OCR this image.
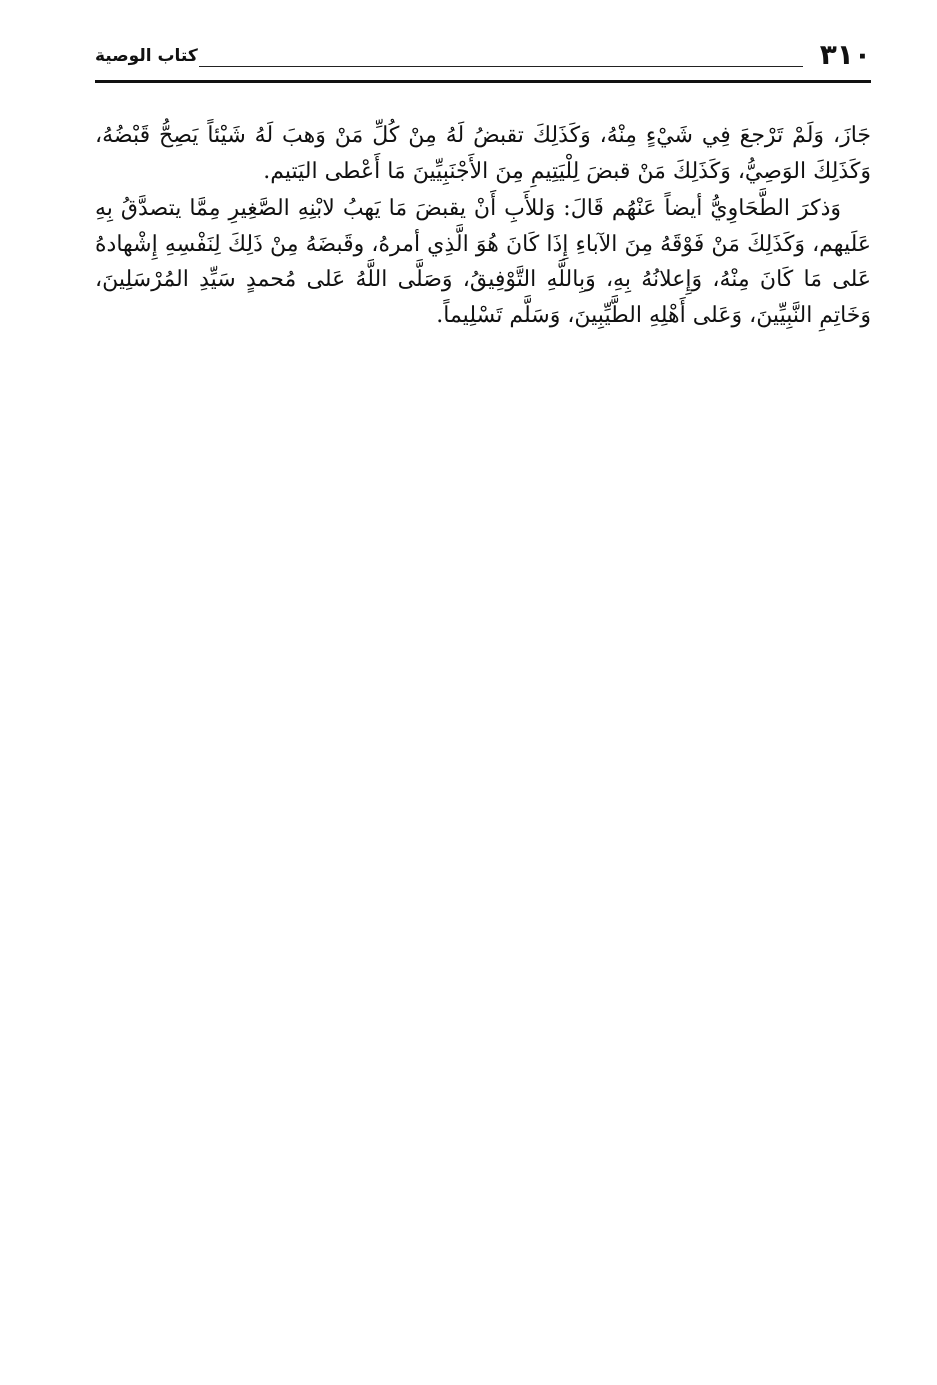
٣١٠
كتاب الوصية

جَازَ، وَلَمْ تَرْجعَ فِي شَيْءٍ مِنْهُ، وَكَذَلِكَ تقبضُ لَهُ مِنْ كُلِّ مَنْ وَهبَ لَهُ شَيْئاً يَصِحُّ قَبْضُهُ، وَكَذَلِكَ الوَصِيُّ، وَكَذَلِكَ مَنْ قبضَ لِلْيَتِيمِ مِنَ الأَجْنَبِيِّينَ مَا أَعْطى اليَتيم.

وَذكرَ الطَّحَاوِيُّ أيضاً عَنْهُم قَالَ: وَللأَبِ أَنْ يقبضَ مَا يَهبُ لابْنِهِ الصَّغِيرِ مِمَّا يتصدَّقُ بِهِ عَلَيهم، وَكَذَلِكَ مَنْ فَوْقَهُ مِنَ الآباءِ إِذَا كَانَ هُوَ الَّذِي أمرهُ، وقَبضَهُ مِنْ ذَلِكَ لِنَفْسِهِ إِشْهادهُ عَلى مَا كَانَ مِنْهُ، وَإِعلانُهُ بِهِ، وَبِاللَّهِ التَّوْفِيقُ، وَصَلَّى اللَّهُ عَلى مُحمدٍ سَيِّدِ المُرْسَلِينَ، وَخَاتِمِ النَّبِيِّينَ، وَعَلى أَهْلِهِ الطَّيِّبِينَ، وَسَلَّم تَسْلِيماً.
